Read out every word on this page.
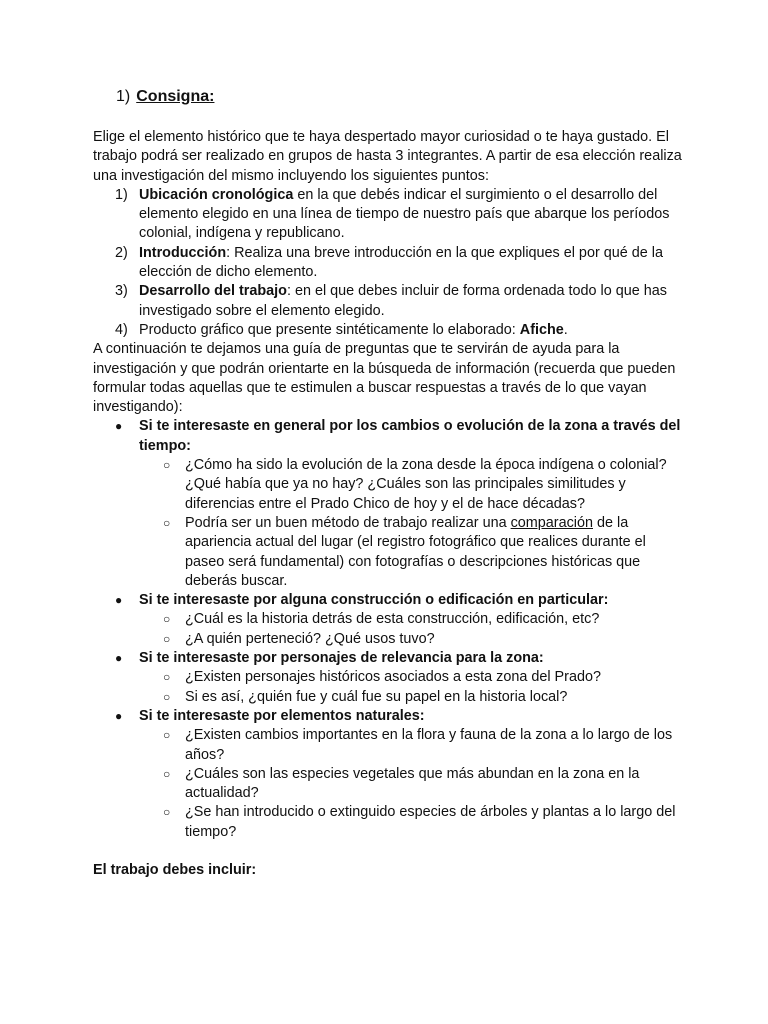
1) Consigna:

Elige el elemento histórico que te haya despertado mayor curiosidad o te haya gustado. El trabajo podrá ser realizado en grupos de hasta 3 integrantes. A partir de esa elección realiza una investigación del mismo incluyendo los siguientes puntos:

1) Ubicación cronológica en la que debés indicar el surgimiento o el desarrollo del elemento elegido en una línea de tiempo de nuestro país que abarque los períodos colonial, indígena y republicano.
2) Introducción: Realiza una breve introducción en la que expliques el por qué de la elección de dicho elemento.
3) Desarrollo del trabajo: en el que debes incluir de forma ordenada todo lo que has investigado sobre el elemento elegido.
4) Producto gráfico que presente sintéticamente lo elaborado: Afiche.

A continuación te dejamos una guía de preguntas que te servirán de ayuda para la investigación y que podrán orientarte en la búsqueda de información (recuerda que pueden formular todas aquellas que te estimulen a buscar respuestas a través de lo que vayan investigando):

● Si te interesaste en general por los cambios o evolución de la zona a través del tiempo:
○ ¿Cómo ha sido la evolución de la zona desde la época indígena o colonial? ¿Qué había que ya no hay? ¿Cuáles son las principales similitudes y diferencias entre el Prado Chico de hoy y el de hace décadas?
○ Podría ser un buen método de trabajo realizar una comparación de la apariencia actual del lugar (el registro fotográfico que realices durante el paseo será fundamental) con fotografías o descripciones históricas que deberás buscar.
● Si te interesaste por alguna construcción o edificación en particular:
○ ¿Cuál es la historia detrás de esta construcción, edificación, etc?
○ ¿A quién perteneció? ¿Qué usos tuvo?
● Si te interesaste por personajes de relevancia para la zona:
○ ¿Existen personajes históricos asociados a esta zona del Prado?
○ Si es así, ¿quién fue y cuál fue su papel en la historia local?
● Si te interesaste por elementos naturales:
○ ¿Existen cambios importantes en la flora y fauna de la zona a lo largo de los años?
○ ¿Cuáles son las especies vegetales que más abundan en la zona en la actualidad?
○ ¿Se han introducido o extinguido especies de árboles y plantas a lo largo del tiempo?

El trabajo debes incluir:
